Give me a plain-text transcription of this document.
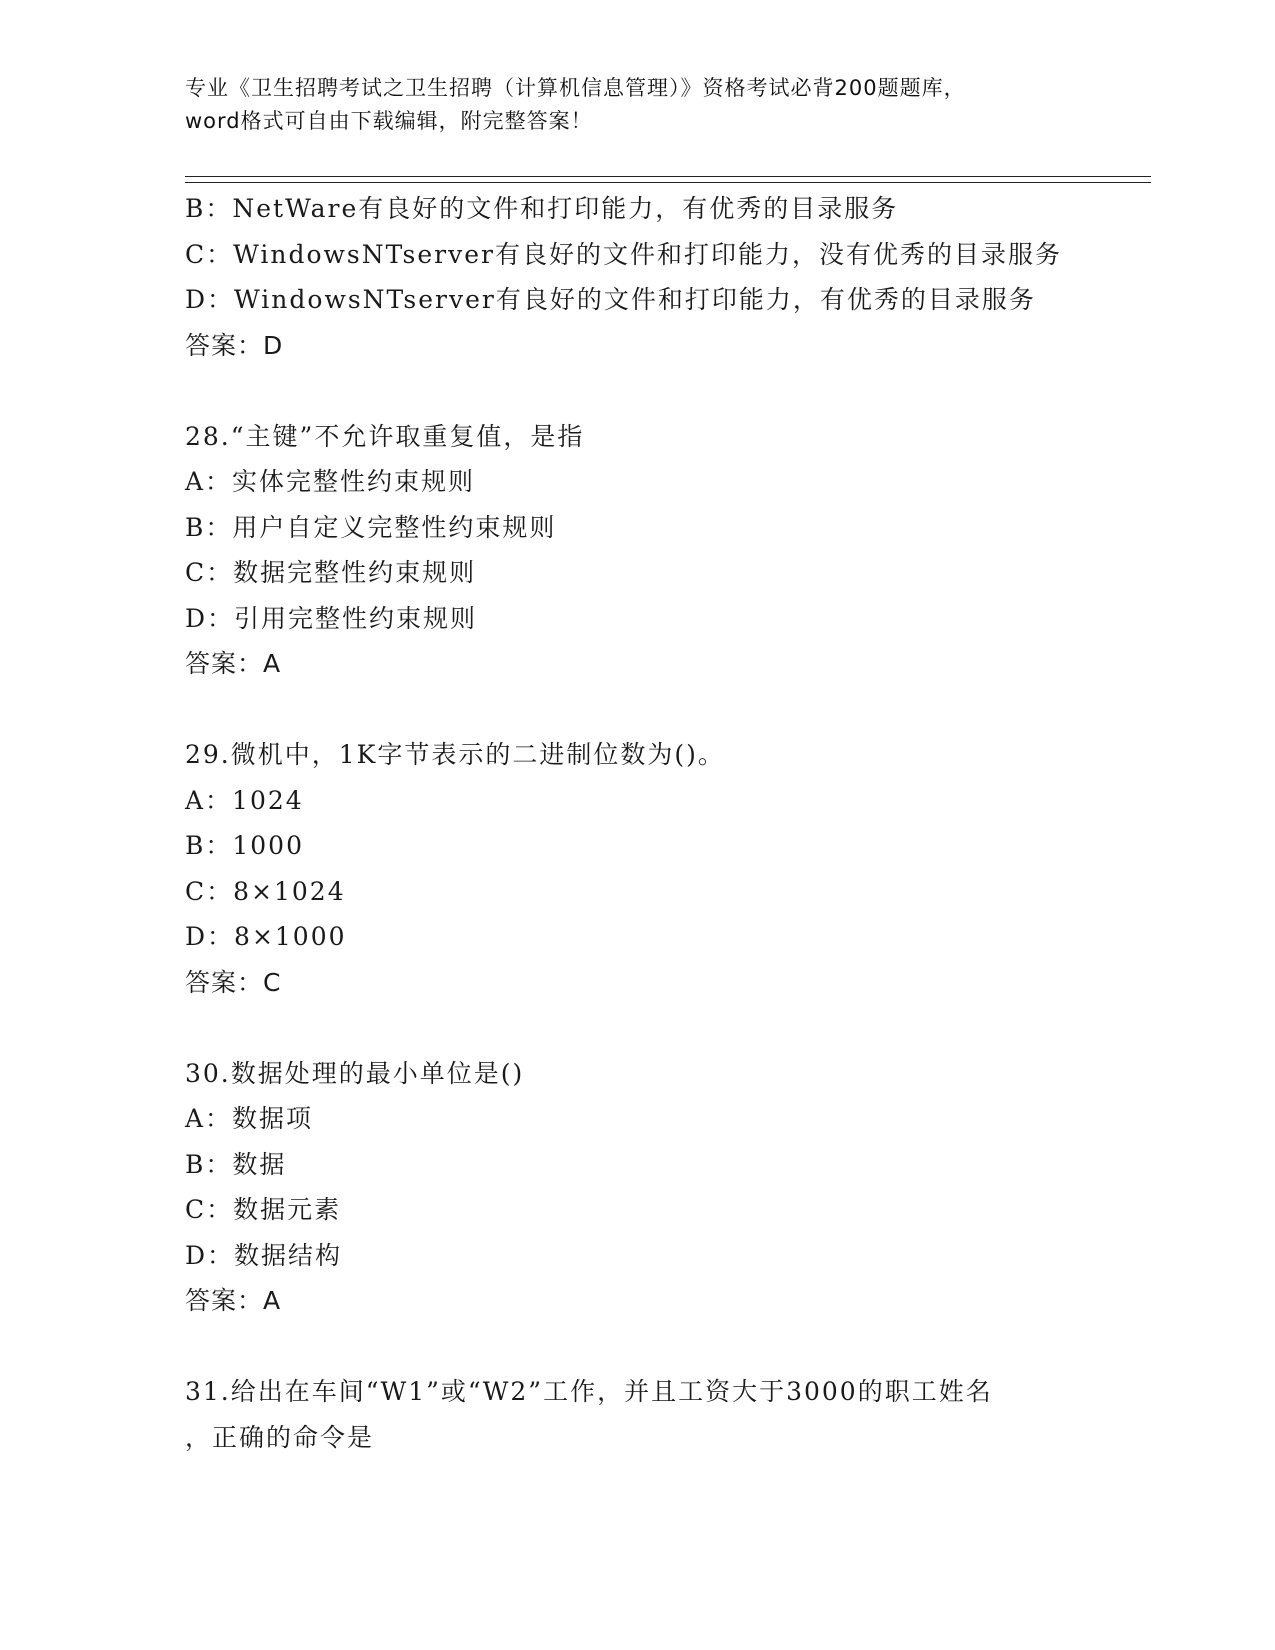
专业《卫生招聘考试之卫生招聘（计算机信息管理）》资格考试必背200题题库，
word格式可自由下载编辑，附完整答案！
B：NetWare有良好的文件和打印能力，有优秀的目录服务
C：WindowsNTserver有良好的文件和打印能力，没有优秀的目录服务
D：WindowsNTserver有良好的文件和打印能力，有优秀的目录服务
答案：D
28.“主键”不允许取重复值，是指
A：实体完整性约束规则
B：用户自定义完整性约束规则
C：数据完整性约束规则
D：引用完整性约束规则
答案：A
29.微机中，1K字节表示的二进制位数为()。
A：1024
B：1000
C：8×1024
D：8×1000
答案：C
30.数据处理的最小单位是()
A：数据项
B：数据
C：数据元素
D：数据结构
答案：A
31.给出在车间“W1”或“W2”工作，并且工资大于3000的职工姓名
，正确的命令是
